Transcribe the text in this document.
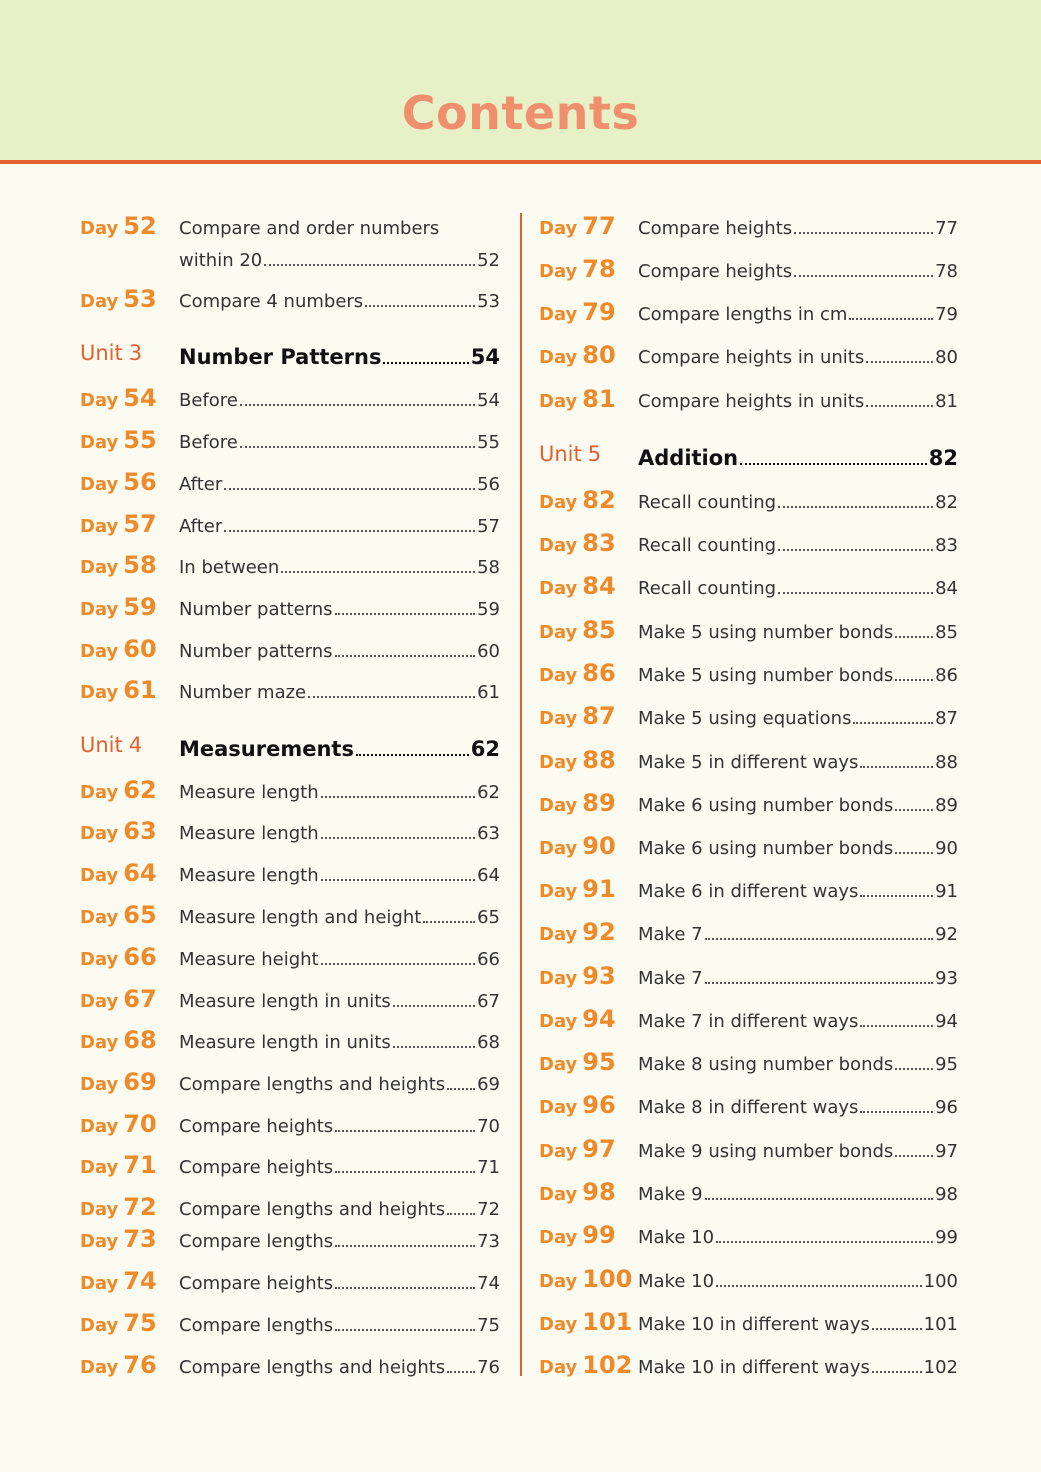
Contents
Day 52 Compare and order numbers
within 20	52
Day 53 Compare 4 numbers	53
Unit 3 Number Patterns	54
Day 54 Before	54
Day 55 Before	55
Day 56 After	56
Day 57 After	57
Day 58 In between	58
Day 59 Number patterns	59
Day 60 Number patterns	60
Day 61 Number maze	61
Unit 4 Measurements	62
Day 62 Measure length	62
Day 63 Measure length	63
Day 64 Measure length	64
Day 65 Measure length and height	65
Day 66 Measure height	66
Day 67 Measure length in units	67
Day 68 Measure length in units	68
Day 69 Compare lengths and heights 69
Day 70 Compare heights	70
Day 71 Compare heights	71
Day 72 Compare lengths and heights 72
Day 73 Compare lengths	73
Day 74 Compare heights	74
Day 75 Compare lengths	75
Day 76 Compare lengths and heights 76
Day 77 Compare heights	77
Day 78 Compare heights	78
Day 79 Compare lengths in cm	79
Day 80 Compare heights in units	80
Day 81 Compare heights in units	81
Unit 5 Addition	82
Day 82 Recall counting	82
Day 83 Recall counting	83
Day 84 Recall counting	84
Day 85 Make 5 using number bonds 85
Day 86 Make 5 using number bonds 86
Day 87 Make 5 using equations	87
Day 88 Make 5 in different ways	88
Day 89 Make 6 using number bonds 89
Day 90 Make 6 using number bonds 90
Day 91 Make 6 in different ways	91
Day 92 Make 7	92
Day 93 Make 7	93
Day 94 Make 7 in different ways	94
Day 95 Make 8 using number bonds 95
Day 96 Make 8 in different ways	96
Day 97 Make 9 using number bonds 97
Day 98 Make 9	98
Day 99 Make 10	99
Day 100 Make 10	100
Day 101 Make 10 in different ways	101
Day 102 Make 10 in different ways	102
